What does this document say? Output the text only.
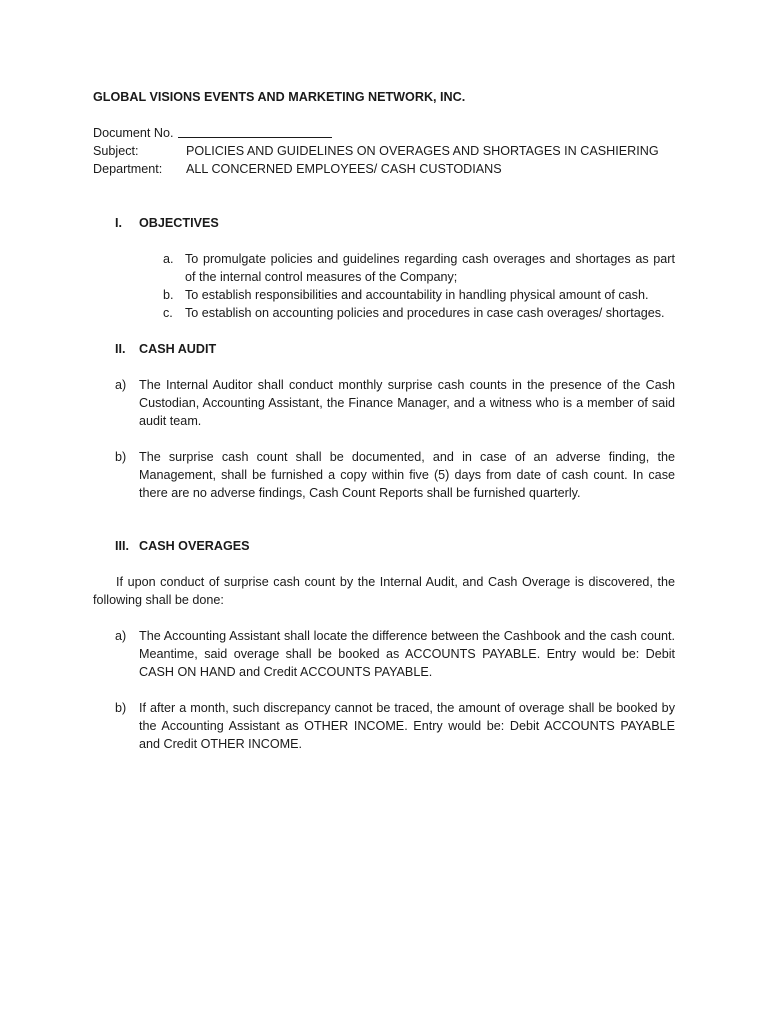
GLOBAL VISIONS EVENTS AND MARKETING NETWORK, INC.
Document No.
Subject:	POLICIES AND GUIDELINES ON OVERAGES AND SHORTAGES IN CASHIERING
Department:	ALL CONCERNED EMPLOYEES/ CASH CUSTODIANS
I.	OBJECTIVES
a. To promulgate policies and guidelines regarding cash overages and shortages as part of the internal control measures of the Company;
b. To establish responsibilities and accountability in handling physical amount of cash.
c. To establish on accounting policies and procedures in case cash overages/ shortages.
II.	CASH AUDIT
a)	The Internal Auditor shall conduct monthly surprise cash counts in the presence of the Cash Custodian, Accounting Assistant, the Finance Manager, and a witness who is a member of said audit team.
b)	The surprise cash count shall be documented, and in case of an adverse finding, the Management, shall be furnished a copy within five (5) days from date of cash count. In case there are no adverse findings, Cash Count Reports shall be furnished quarterly.
III. CASH OVERAGES
If upon conduct of surprise cash count by the Internal Audit, and Cash Overage is discovered, the following shall be done:
a)	The Accounting Assistant shall locate the difference between the Cashbook and the cash count. Meantime, said overage shall be booked as ACCOUNTS PAYABLE. Entry would be: Debit CASH ON HAND and Credit ACCOUNTS PAYABLE.
b)	If after a month, such discrepancy cannot be traced, the amount of overage shall be booked by the Accounting Assistant as OTHER INCOME. Entry would be: Debit ACCOUNTS PAYABLE and Credit OTHER INCOME.
